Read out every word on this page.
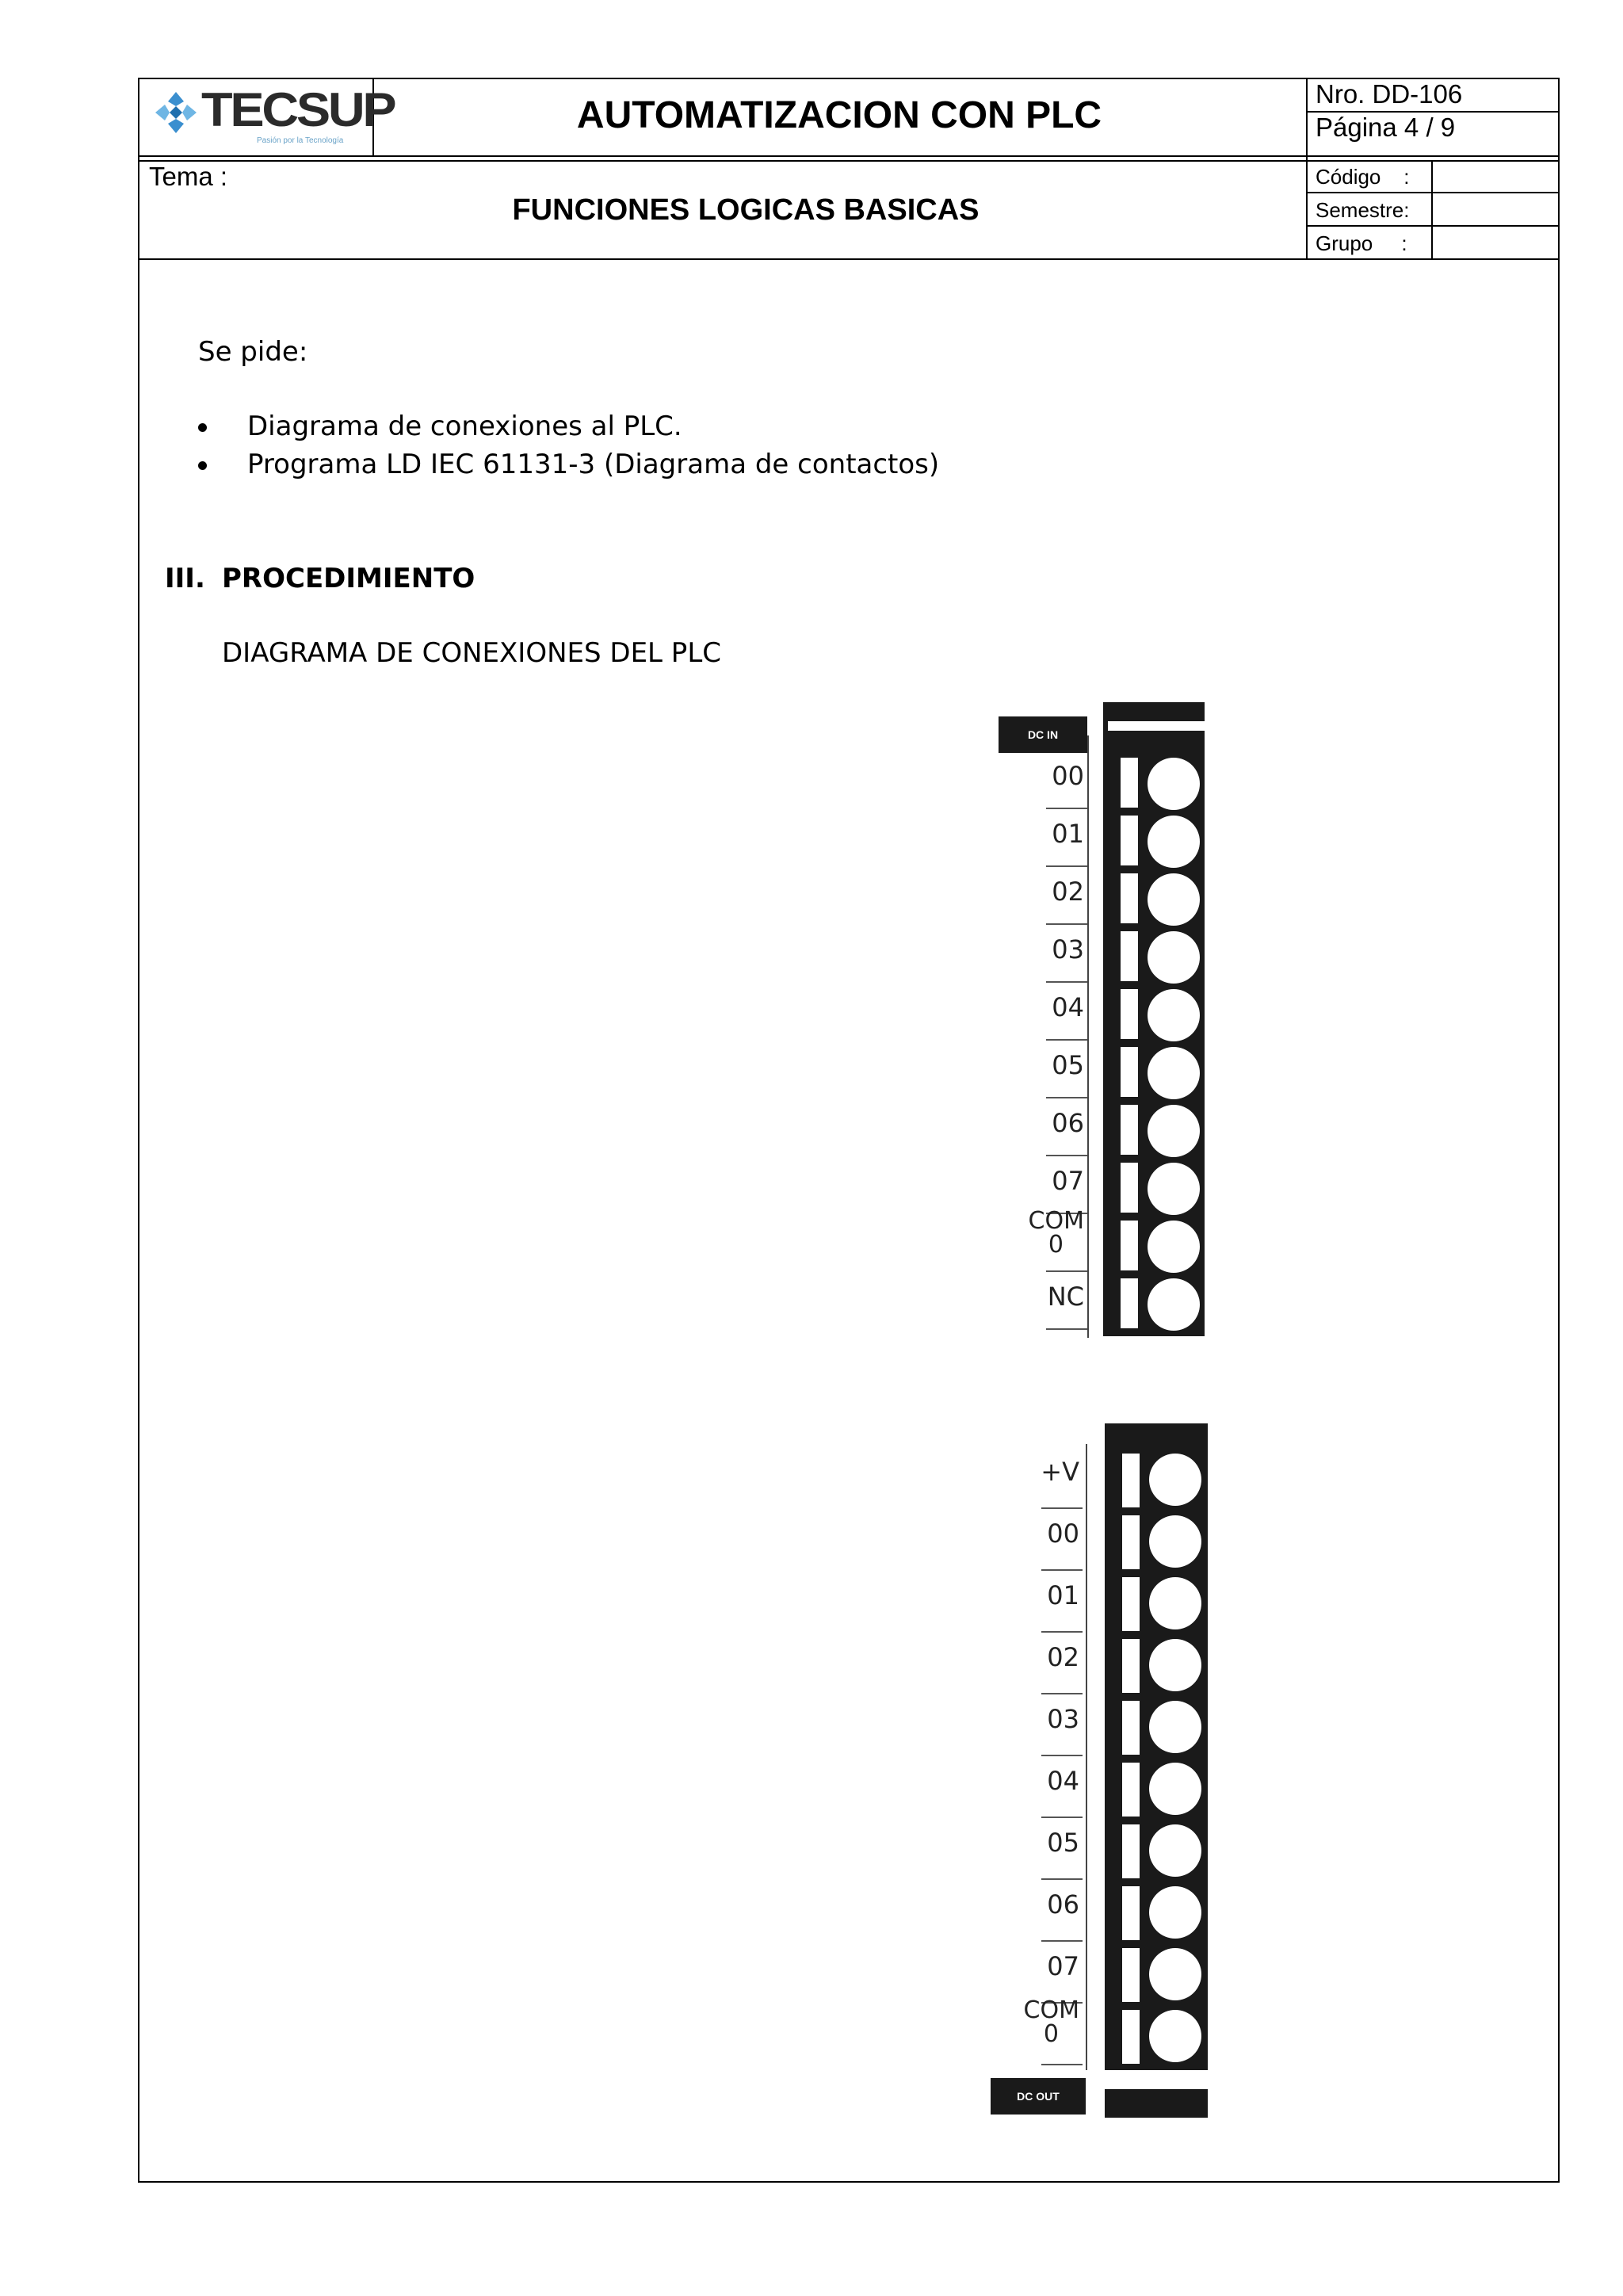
TECSUP
Pasión por la Tecnología
AUTOMATIZACION CON PLC
Nro. DD-106
Página 4 / 9
Tema :
FUNCIONES LOGICAS BASICAS
Código    :
Semestre:
Grupo     :
Se pide:
Diagrama de conexiones al PLC.
Programa LD IEC 61131-3 (Diagrama de contactos)
III. PROCEDIMIENTO
DIAGRAMA DE CONEXIONES DEL PLC
DC IN
DC OUT
00
01
02
03
04
05
06
07
COM
0
NC
+V
00
01
02
03
04
05
06
07
COM
0
